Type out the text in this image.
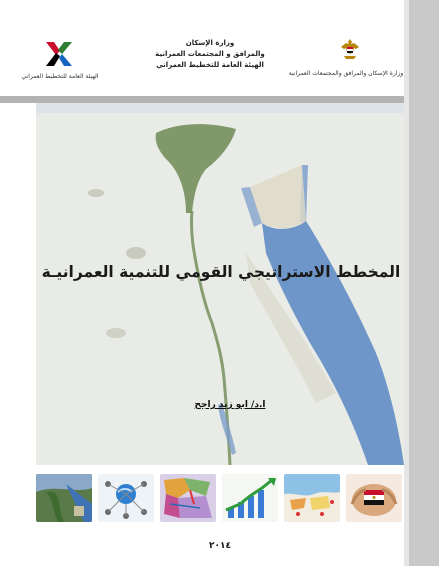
الهيئة العامة للتخطيط العمراني
وزارة الإسكان
والمرافق و المجتمعات العمرانية
الهيئة العامة للتخطيط العمراني
وزارة الإسكان والمرافق والمجتمعات العمرانية
المخطط الاستراتيجي القومي للتنمية العمرانيـة
ا.د/ ابو زيد راجح
٢٠١٤
